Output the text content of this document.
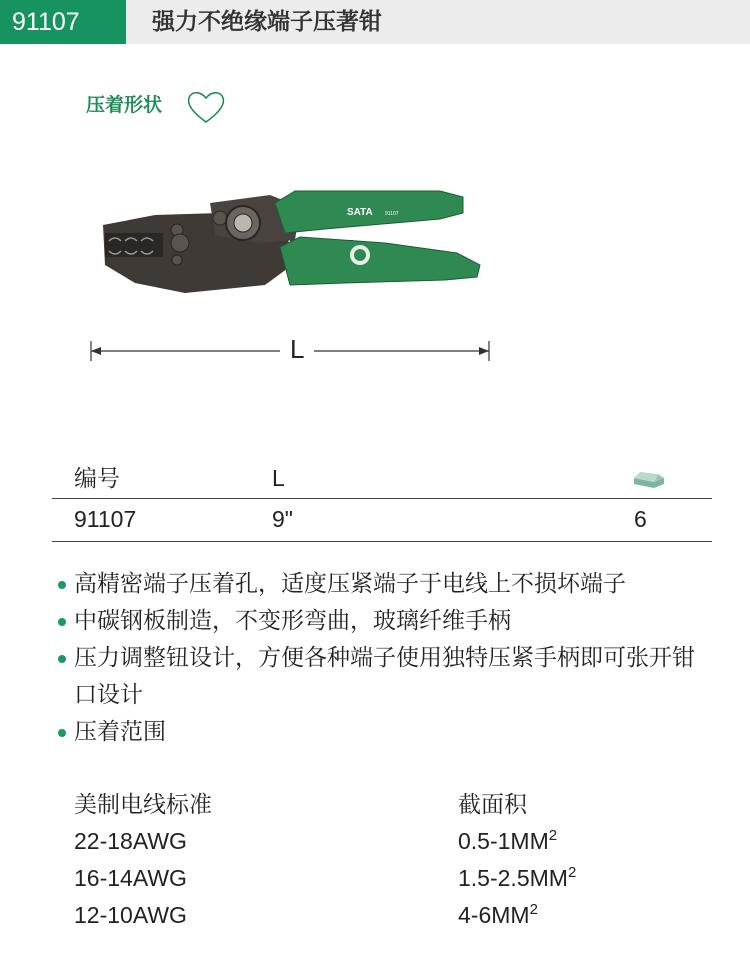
91107	强力不绝缘端子压著钳
压着形状
SATA 91107
L
编号	L
91107	9"	6
高精密端子压着孔，适度压紧端子于电线上不损坏端子
中碳钢板制造，不变形弯曲，玻璃纤维手柄
压力调整钮设计，方便各种端子使用独特压紧手柄即可张开钳口设计
压着范围
美制电线标准	截面积
22-18AWG	$0.5-1MM^2$
16-14AWG	$1.5-2.5MM^2$
12-10AWG	$4-6MM^2$
